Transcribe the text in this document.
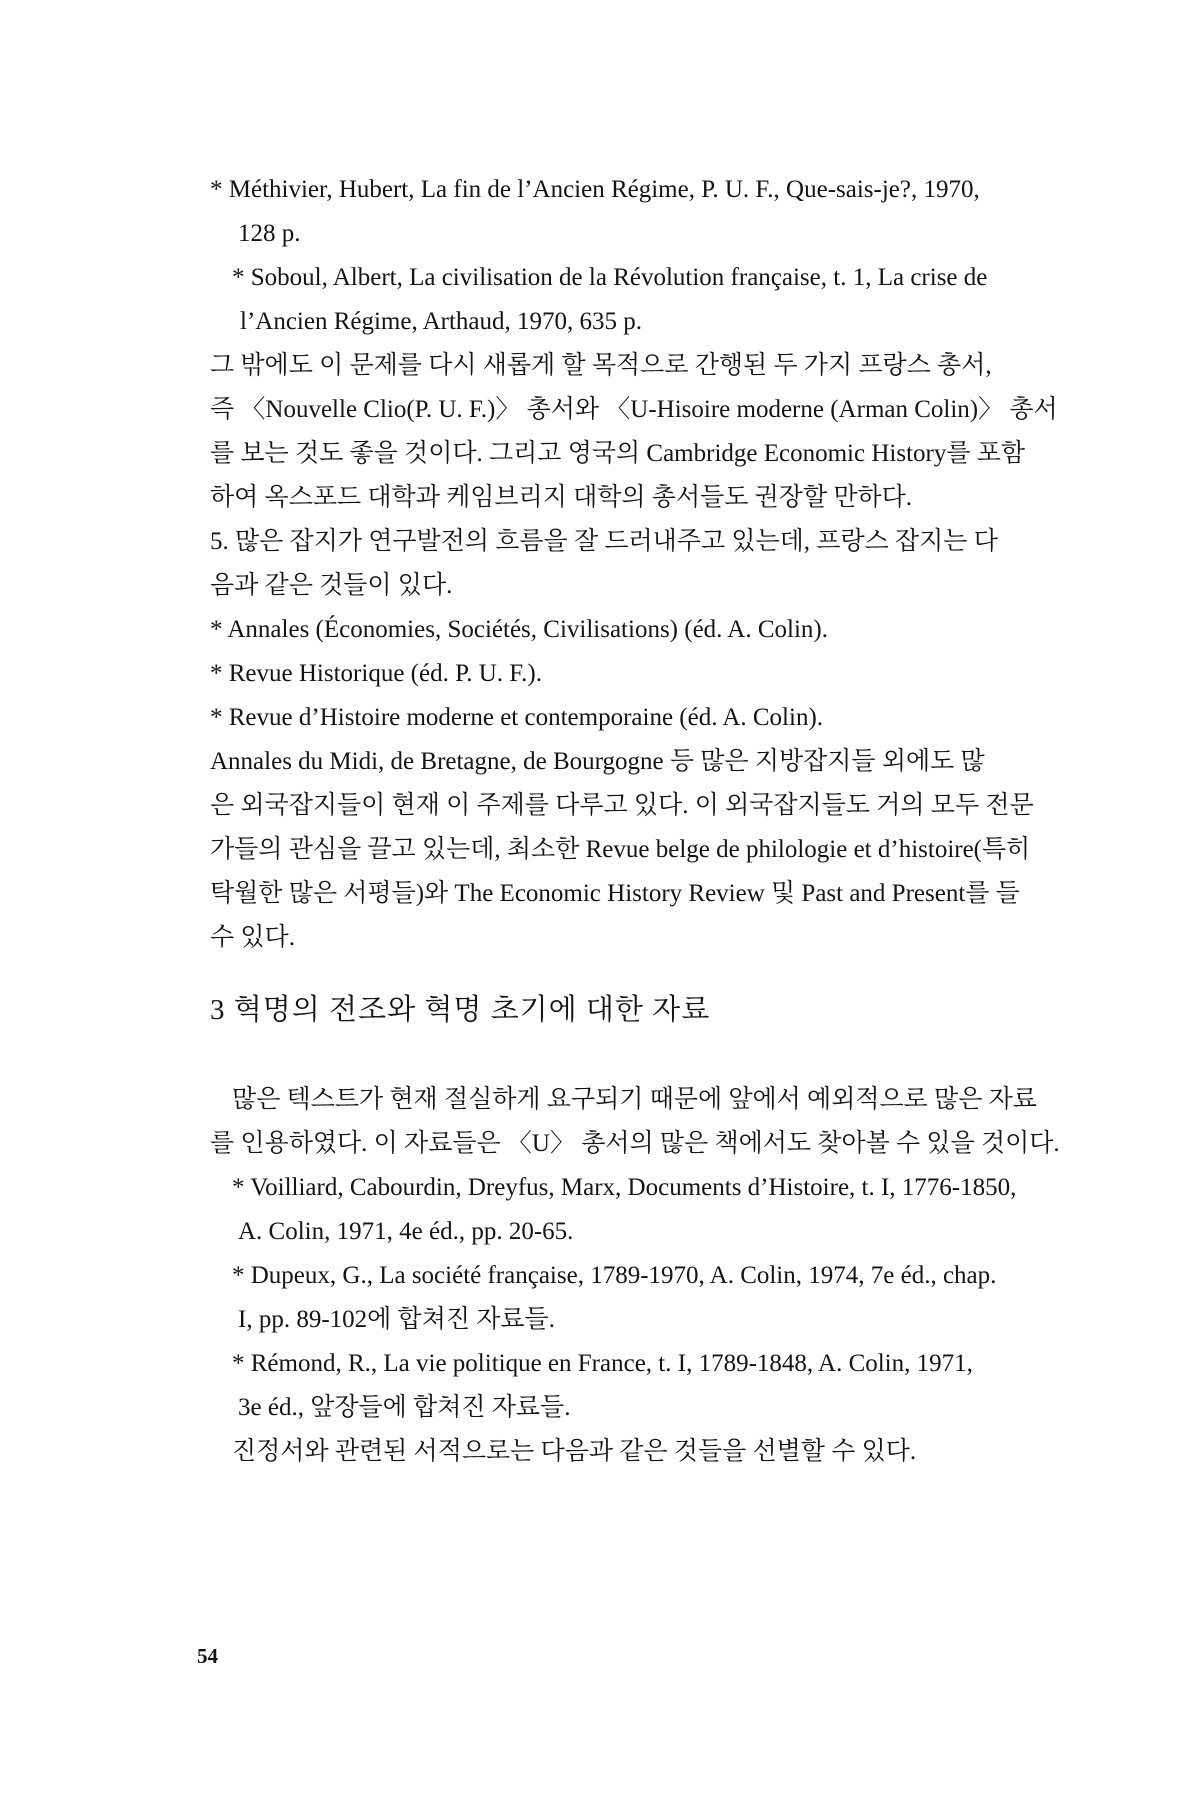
* Méthivier, Hubert, La fin de l’Ancien Régime, P. U. F., Que-sais-je?, 1970,
128 p.
* Soboul, Albert, La civilisation de la Révolution française, t. 1, La crise de
l’Ancien Régime, Arthaud, 1970, 635 p.
그 밖에도 이 문제를 다시 새롭게 할 목적으로 간행된 두 가지 프랑스 총서,
즉 〈Nouvelle Clio(P. U. F.)〉 총서와 〈U-Hisoire moderne (Arman Colin)〉 총서
를 보는 것도 좋을 것이다. 그리고 영국의 Cambridge Economic History를 포함
하여 옥스포드 대학과 케임브리지 대학의 총서들도 권장할 만하다.
5. 많은 잡지가 연구발전의 흐름을 잘 드러내주고 있는데, 프랑스 잡지는 다
음과 같은 것들이 있다.
* Annales (Économies, Sociétés, Civilisations) (éd. A. Colin).
* Revue Historique (éd. P. U. F.).
* Revue d’Histoire moderne et contemporaine (éd. A. Colin).
Annales du Midi, de Bretagne, de Bourgogne 등 많은 지방잡지들 외에도 많
은 외국잡지들이 현재 이 주제를 다루고 있다. 이 외국잡지들도 거의 모두 전문
가들의 관심을 끌고 있는데, 최소한 Revue belge de philologie et d’histoire(특히
탁월한 많은 서평들)와 The Economic History Review 및 Past and Present를 들
수 있다.
3 혁명의 전조와 혁명 초기에 대한 자료
많은 텍스트가 현재 절실하게 요구되기 때문에 앞에서 예외적으로 많은 자료
를 인용하였다. 이 자료들은 〈U〉 총서의 많은 책에서도 찾아볼 수 있을 것이다.
* Voilliard, Cabourdin, Dreyfus, Marx, Documents d’Histoire, t. I, 1776-1850,
A. Colin, 1971, 4e éd., pp. 20-65.
* Dupeux, G., La société française, 1789-1970, A. Colin, 1974, 7e éd., chap.
I, pp. 89-102에 합쳐진 자료들.
* Rémond, R., La vie politique en France, t. I, 1789-1848, A. Colin, 1971,
3e éd., 앞장들에 합쳐진 자료들.
진정서와 관련된 서적으로는 다음과 같은 것들을 선별할 수 있다.
54
